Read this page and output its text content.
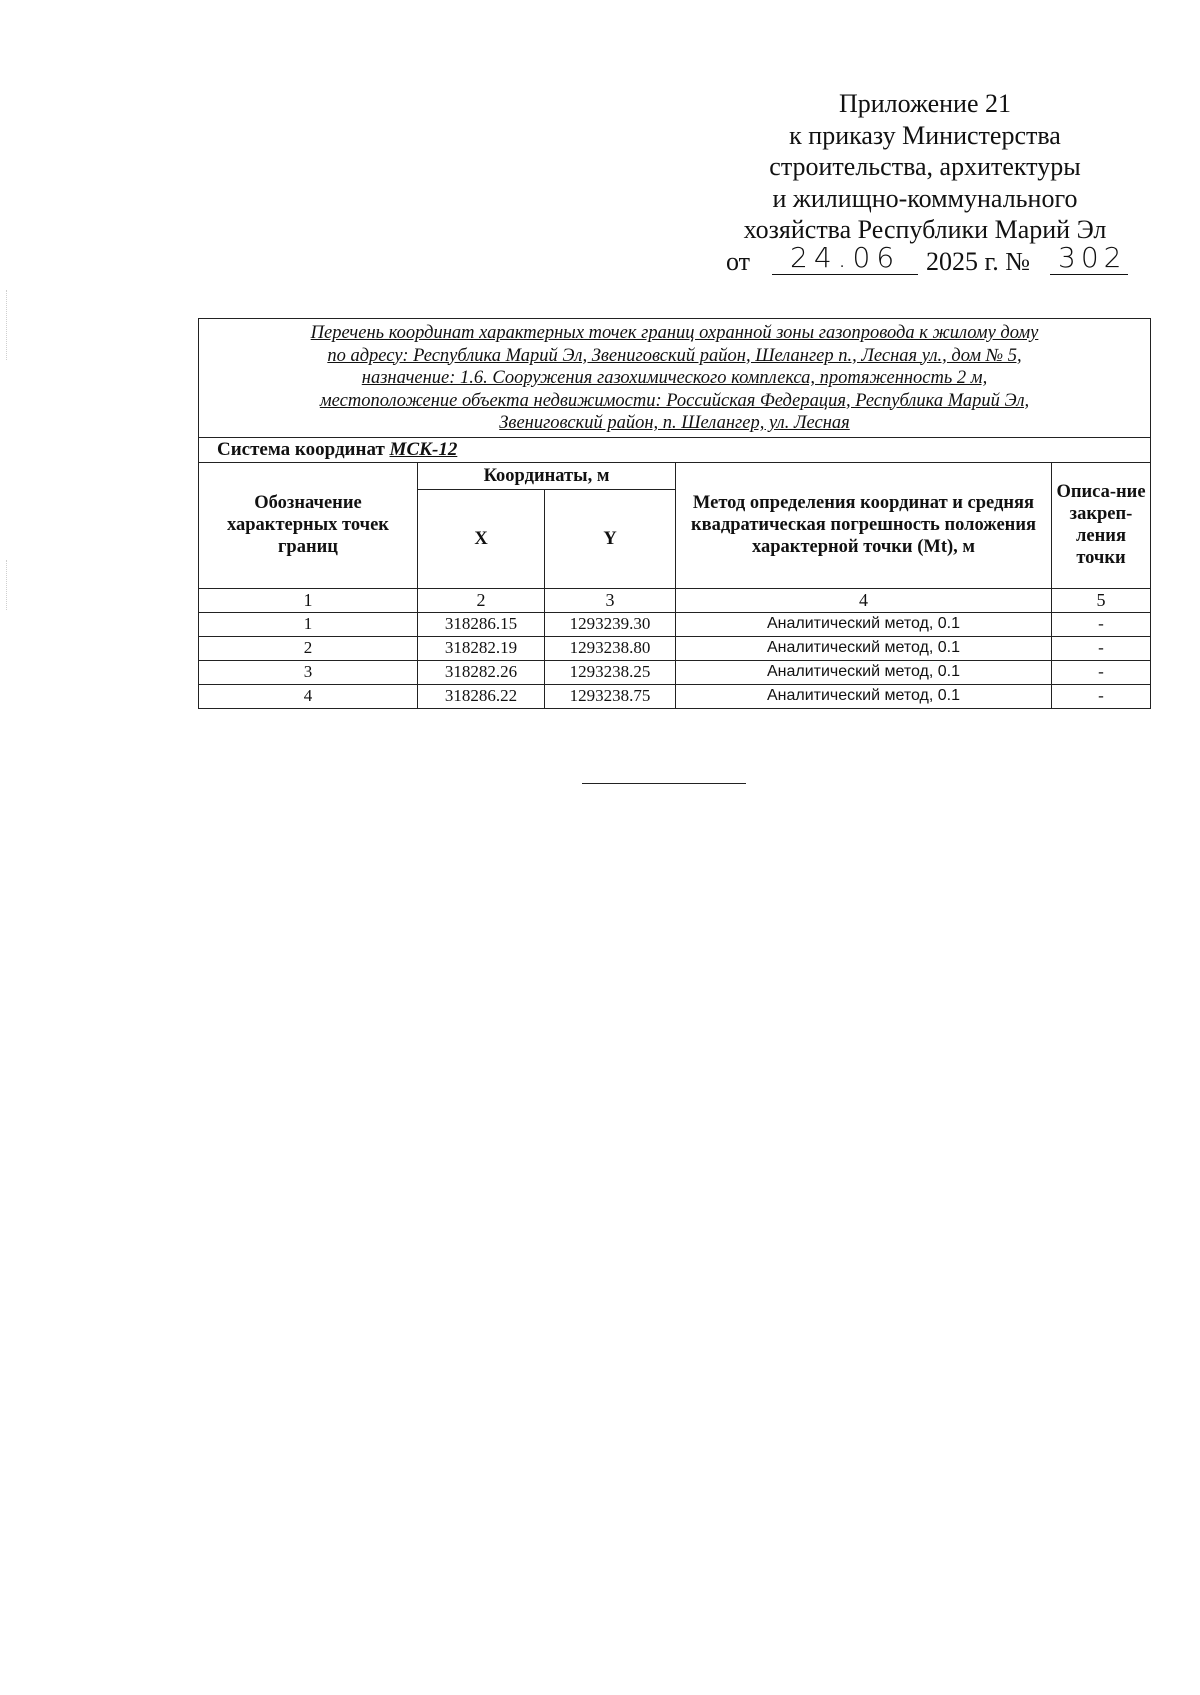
Приложение 21
к приказу Министерства
строительства, архитектуры
и жилищно-коммунального
хозяйства Республики Марий Эл
от 24.06 2025 г. № 302
Перечень координат характерных точек границ охранной зоны газопровода к жилому дому
по адресу: Республика Марий Эл, Звениговский район, Шелангер п., Лесная ул., дом № 5,
назначение: 1.6. Сооружения газохимического комплекса, протяженность 2 м,
местоположение объекта недвижимости: Российская Федерация, Республика Марий Эл,
Звениговский район, п. Шелангер, ул. Лесная				

Система координат МСК-12				
Обозначение характерных точек границ	Координаты, м		Метод определения координат и средняя квадратическая погрешность положения характерной точки (Мt), м	Описа-ние закреп-ления точки
	X	Y		
1	2	3	4	5
1	318286.15	1293239.30	Аналитический метод, 0.1	-
2	318282.19	1293238.80	Аналитический метод, 0.1	-
3	318282.26	1293238.25	Аналитический метод, 0.1	-
4	318286.22	1293238.75	Аналитический метод, 0.1	-
